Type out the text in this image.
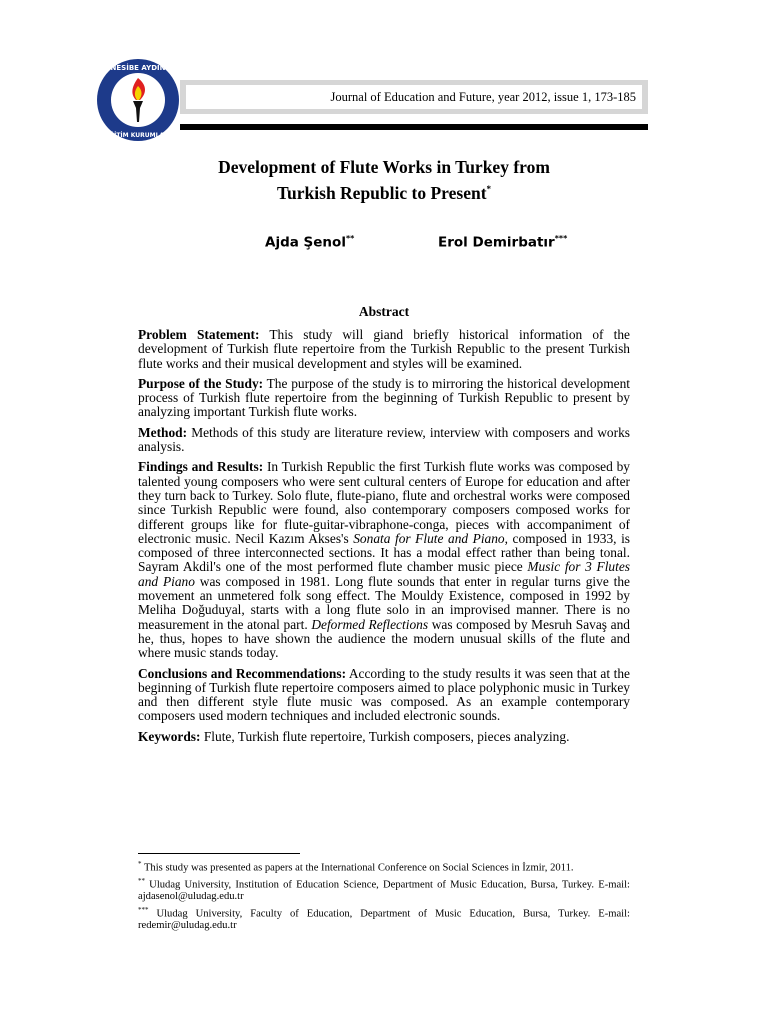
NESİBE AYDIN
EĞİTİM KURUMLARI
Journal of Education and Future, year 2012, issue 1, 173-185
Development of Flute Works in Turkey from
Turkish Republic to Present*
Ajda Şenol**	Erol Demirbatır***
Abstract

Problem Statement: This study will giand briefly historical information of the development of Turkish flute repertoire from the Turkish Republic to the present Turkish flute works and their musical development and styles will be examined.

Purpose of the Study: The purpose of the study is to mirroring the historical development process of Turkish flute repertoire from the beginning of Turkish Republic to present by analyzing important Turkish flute works.

Method: Methods of this study are literature review, interview with composers and works analysis.

Findings and Results: In Turkish Republic the first Turkish flute works was composed by talented young composers who were sent cultural centers of Europe for education and after they turn back to Turkey. Solo flute, flute-piano, flute and orchestral works were composed since Turkish Republic were found, also contemporary composers composed works for different groups like for flute-guitar-vibraphone-conga, pieces with accompaniment of electronic music. Necil Kazım Akses's Sonata for Flute and Piano, composed in 1933, is composed of three interconnected sections. It has a modal effect rather than being tonal. Sayram Akdil's one of the most performed flute chamber music piece Music for 3 Flutes and Piano was composed in 1981. Long flute sounds that enter in regular turns give the movement an unmetered folk song effect. The Mouldy Existence, composed in 1992 by Meliha Doğuduyal, starts with a long flute solo in an improvised manner. There is no measurement in the atonal part. Deformed Reflections was composed by Mesruh Savaş and he, thus, hopes to have shown the audience the modern unusual skills of the flute and where music stands today.

Conclusions and Recommendations: According to the study results it was seen that at the beginning of Turkish flute repertoire composers aimed to place polyphonic music in Turkey and then different style flute music was composed. As an example contemporary composers used modern techniques and included electronic sounds.

Keywords: Flute, Turkish flute repertoire, Turkish composers, pieces analyzing.

* This study was presented as papers at the International Conference on Social Sciences in İzmir, 2011.

** Uludag University, Institution of Education Science, Department of Music Education, Bursa, Turkey. E-mail: ajdasenol@uludag.edu.tr

*** Uludag University, Faculty of Education, Department of Music Education, Bursa, Turkey. E-mail: redemir@uludag.edu.tr
